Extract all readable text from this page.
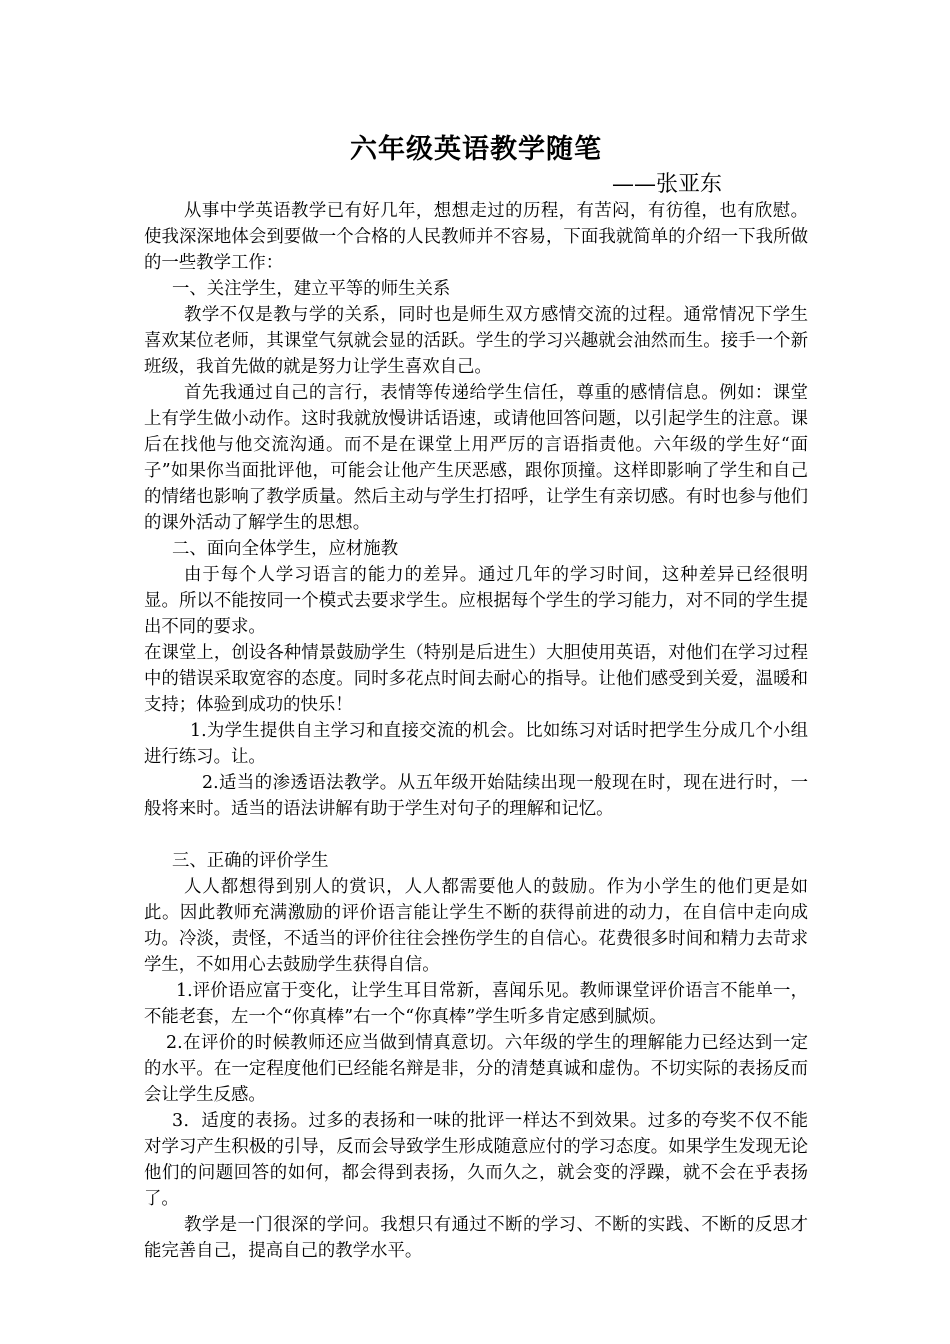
六年级英语教学随笔

——张亚东

从事中学英语教学已有好几年，想想走过的历程，有苦闷，有彷徨，也有欣慰。使我深深地体会到要做一个合格的人民教师并不容易，下面我就简单的介绍一下我所做的一些教学工作：

一、关注学生，建立平等的师生关系

教学不仅是教与学的关系，同时也是师生双方感情交流的过程。通常情况下学生喜欢某位老师，其课堂气氛就会显的活跃。学生的学习兴趣就会油然而生。接手一个新班级，我首先做的就是努力让学生喜欢自己。

首先我通过自己的言行，表情等传递给学生信任，尊重的感情信息。例如：课堂上有学生做小动作。这时我就放慢讲话语速，或请他回答问题，以引起学生的注意。课后在找他与他交流沟通。而不是在课堂上用严厉的言语指责他。六年级的学生好“面子”如果你当面批评他，可能会让他产生厌恶感，跟你顶撞。这样即影响了学生和自己的情绪也影响了教学质量。然后主动与学生打招呼，让学生有亲切感。有时也参与他们的课外活动了解学生的思想。

二、面向全体学生，应材施教

由于每个人学习语言的能力的差异。通过几年的学习时间，这种差异已经很明显。所以不能按同一个模式去要求学生。应根据每个学生的学习能力，对不同的学生提出不同的要求。

在课堂上，创设各种情景鼓励学生（特别是后进生）大胆使用英语，对他们在学习过程中的错误采取宽容的态度。同时多花点时间去耐心的指导。让他们感受到关爱，温暖和支持；体验到成功的快乐！

1.为学生提供自主学习和直接交流的机会。比如练习对话时把学生分成几个小组进行练习。让。

2.适当的渗透语法教学。从五年级开始陆续出现一般现在时，现在进行时，一般将来时。适当的语法讲解有助于学生对句子的理解和记忆。

三、正确的评价学生

人人都想得到别人的赏识，人人都需要他人的鼓励。作为小学生的他们更是如此。因此教师充满激励的评价语言能让学生不断的获得前进的动力，在自信中走向成功。冷淡，责怪，不适当的评价往往会挫伤学生的自信心。花费很多时间和精力去苛求学生，不如用心去鼓励学生获得自信。

1.评价语应富于变化，让学生耳目常新，喜闻乐见。教师课堂评价语言不能单一，不能老套，左一个“你真棒”右一个“你真棒”学生听多肯定感到腻烦。

2.在评价的时候教师还应当做到情真意切。六年级的学生的理解能力已经达到一定的水平。在一定程度他们已经能名辩是非，分的清楚真诚和虚伪。不切实际的表扬反而会让学生反感。

3．适度的表扬。过多的表扬和一味的批评一样达不到效果。过多的夸奖不仅不能对学习产生积极的引导，反而会导致学生形成随意应付的学习态度。如果学生发现无论他们的问题回答的如何，都会得到表扬，久而久之，就会变的浮躁，就不会在乎表扬了。

教学是一门很深的学问。我想只有通过不断的学习、不断的实践、不断的反思才能完善自己，提高自己的教学水平。
